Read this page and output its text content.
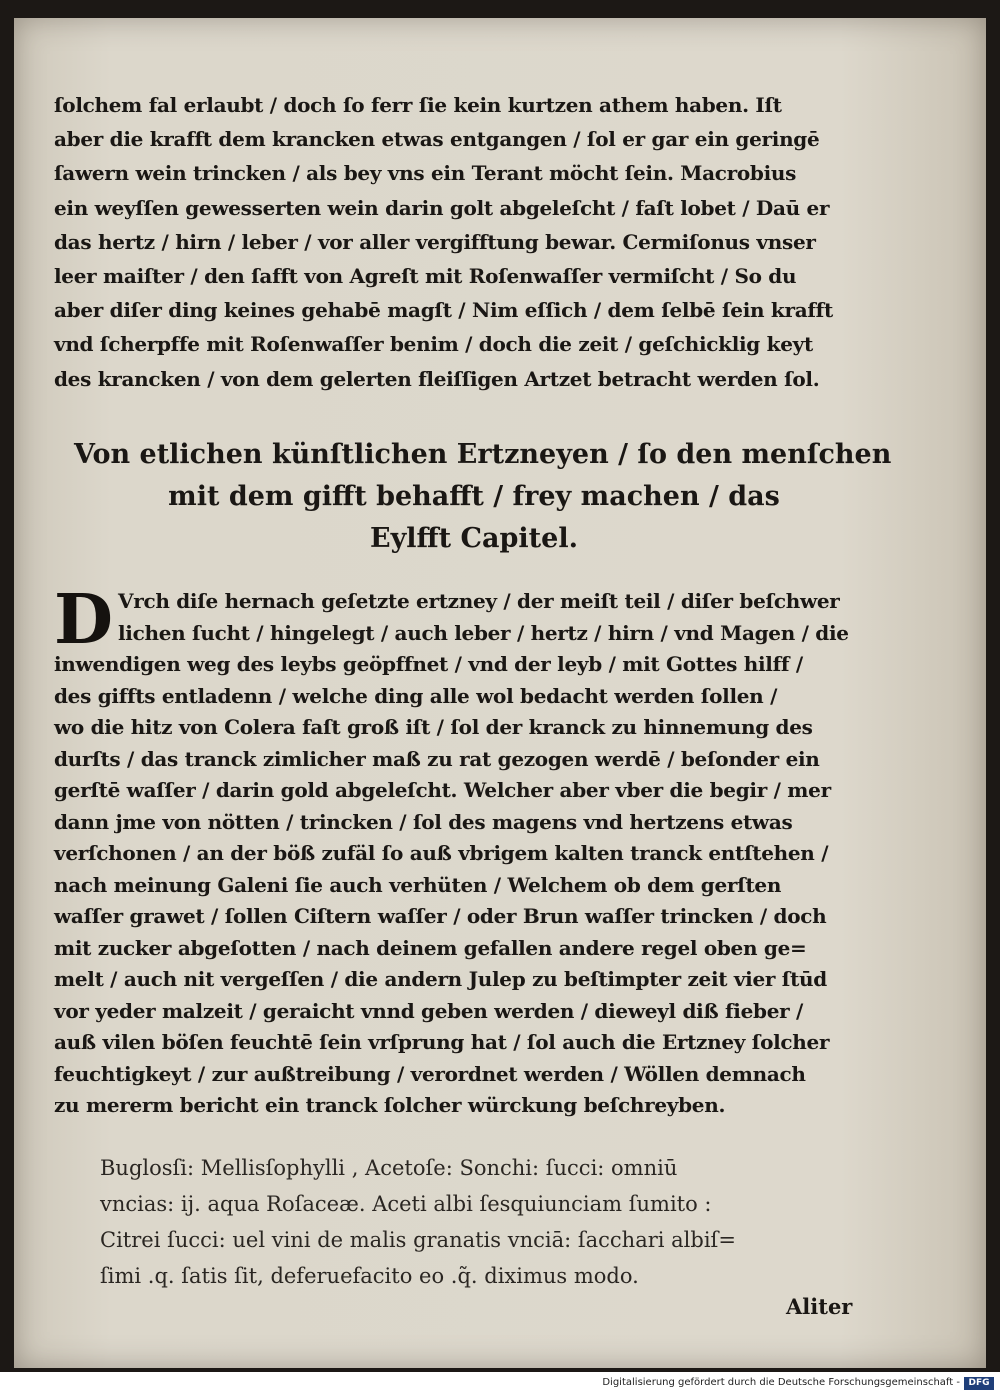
ſolchem fal erlaubt / doch ſo ferr ſie kein kurtzen athem haben. Iſt
aber die krafft dem krancken etwas entgangen / ſol er gar ein geringē
ſawern wein trincken / als bey vns ein Terant möcht ſein. Macrobius
ein weyſſen gewesserten wein darin golt abgeleſcht / faſt lobet / Daū er
das hertz / hirn / leber / vor aller vergifftung bewar. Cermiſonus vnser
leer maiſter / den ſafft von Agreſt mit Roſenwaſſer vermiſcht / So du
aber diſer ding keines gehabē magſt / Nim eſſich / dem ſelbē ſein krafft
vnd ſcherpffe mit Roſenwaſſer benim / doch die zeit / geſchicklig keyt
des krancken / von dem gelerten fleiſſigen Artzet betracht werden ſol.
Von etlichen künſtlichen Ertzneyen / ſo den menſchen
mit dem gifft behafft / frey machen / das
Eylfft Capitel.
D Vrch diſe hernach geſetzte ertzney / der meiſt teil / diſer beſchwer
lichen ſucht / hingelegt / auch leber / hertz / hirn / vnd Magen / die
inwendigen weg des leybs geöpffnet / vnd der leyb / mit Gottes hilff /
des giffts entladenn / welche ding alle wol bedacht werden ſollen /
wo die hitz von Colera faſt groß iſt / ſol der kranck zu hinnemung des
durſts / das tranck zimlicher maß zu rat gezogen werdē / beſonder ein
gerſtē waſſer / darin gold abgeleſcht. Welcher aber vber die begir / mer
dann jme von nötten / trincken / ſol des magens vnd hertzens etwas
verſchonen / an der böß zufäl ſo auß vbrigem kalten tranck entſtehen /
nach meinung Galeni ſie auch verhüten / Welchem ob dem gerſten
waſſer grawet / ſollen Ciſtern waſſer / oder Brun waſſer trincken / doch
mit zucker abgeſotten / nach deinem gefallen andere regel oben ge=
melt / auch nit vergeſſen / die andern Julep zu beſtimpter zeit vier ſtūd
vor yeder malzeit / geraicht vnnd geben werden / dieweyl diß fieber /
auß vilen böſen feuchtē ſein vrſprung hat / ſol auch die Ertzney ſolcher
feuchtigkeyt / zur außtreibung / verordnet werden / Wöllen demnach
zu mererm bericht ein tranck ſolcher würckung beſchreyben.
Buglosſi: Mellisſophylli , Acetoſe: Sonchi: ſucci: omniū
vncias: ij. aqua Roſaceæ. Aceti albi ſesquiunciam ſumito :
Citrei ſucci: uel vini de malis granatis vnciā: ſacchari albiſ=
ſimi .q. ſatis ſit, deferuefacito eo .q̃. diximus modo.
Aliter
Digitalisierung gefördert durch die Deutsche Forschungsgemeinschaft - DFG
